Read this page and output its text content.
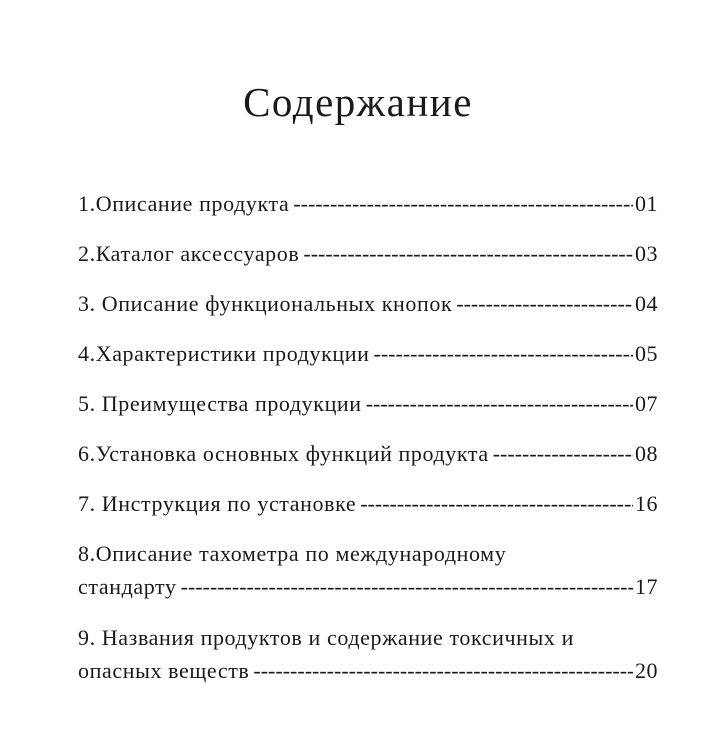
Содержание
1.Описание продукта -----	01
2.Каталог аксессуаров -----	03
3. Описание функциональных кнопок -----	04
4.Характеристики продукции -----	05
5. Преимущества продукции -----	07
6.Установка основных функций продукта -----	08
7. Инструкция по установке -----	16
8.Описание тахометра по международному
стандарту -----	17
9. Названия продуктов и содержание токсичных и
опасных веществ -----	20
